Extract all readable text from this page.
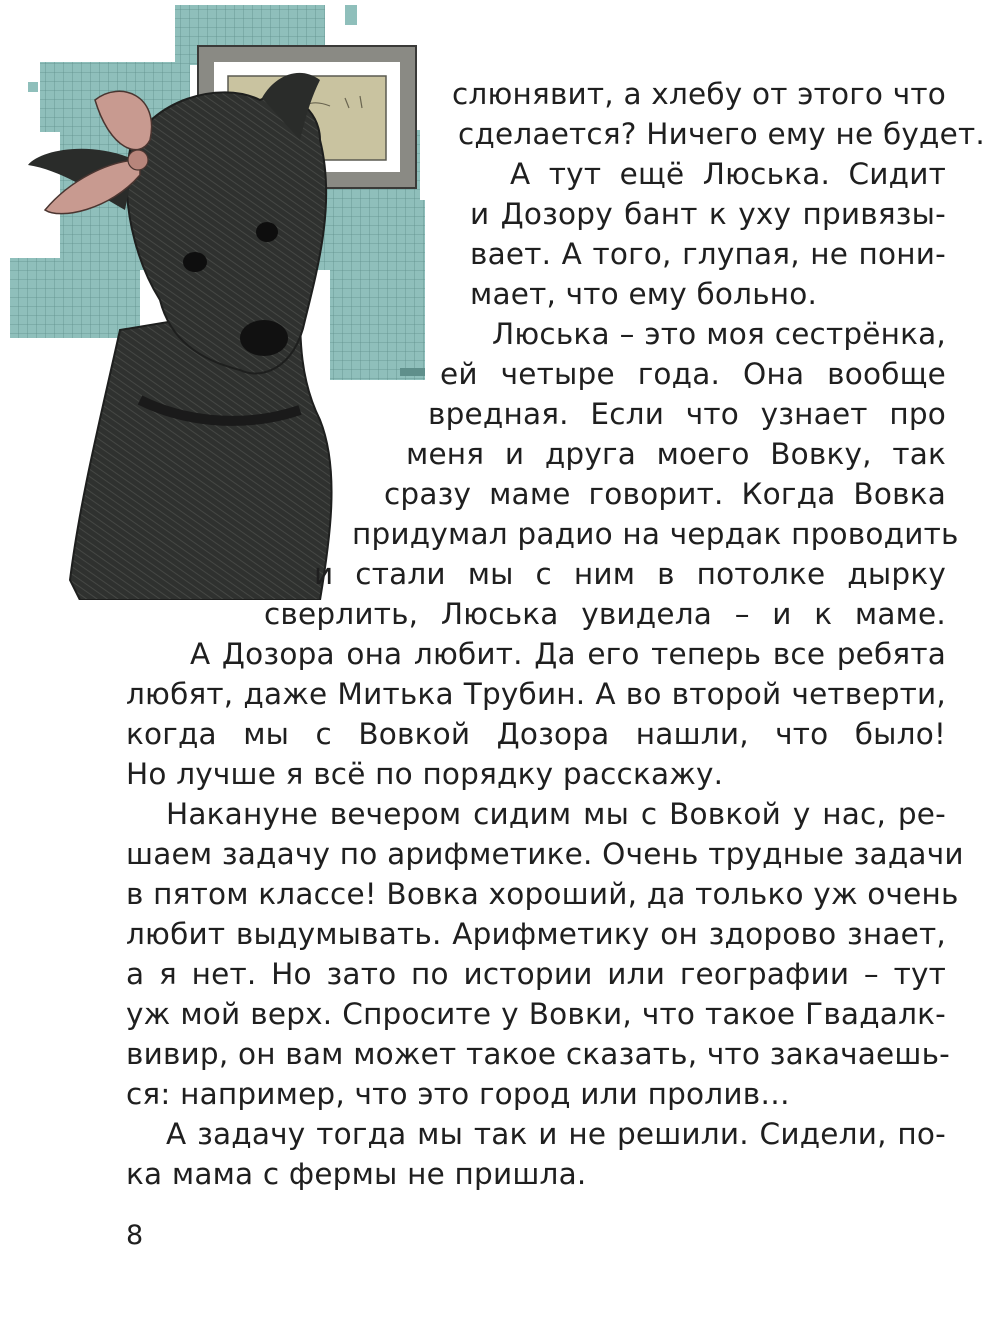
слюнявит, а хлебу от этого что
сделается? Ничего ему не будет.
А тут ещё Люська. Сидит
и Дозору бант к уху привязы-
вает. А того, глупая, не пони-
мает, что ему больно.
Люська – это моя сестрёнка,
ей четыре года. Она вообще
вредная. Если что узнает про
меня и друга моего Вовку, так
сразу маме говорит. Когда Вовка
придумал радио на чердак проводить
и стали мы с ним в потолке дырку
сверлить, Люська увидела – и к маме.
А Дозора она любит. Да его теперь все ребята
любят, даже Митька Трубин. А во второй четверти,
когда мы с Вовкой Дозора нашли, что было!
Но лучше я всё по порядку расскажу.
Накануне вечером сидим мы с Вовкой у нас, ре-
шаем задачу по арифметике. Очень трудные задачи
в пятом классе! Вовка хороший, да только уж очень
любит выдумывать. Арифметику он здорово знает,
а я нет. Но зато по истории или географии – тут
уж мой верх. Спросите у Вовки, что такое Гвадалк-
вивир, он вам может такое сказать, что закачаешь-
ся: например, что это город или пролив…
А задачу тогда мы так и не решили. Сидели, по-
ка мама с фермы не пришла.
8
